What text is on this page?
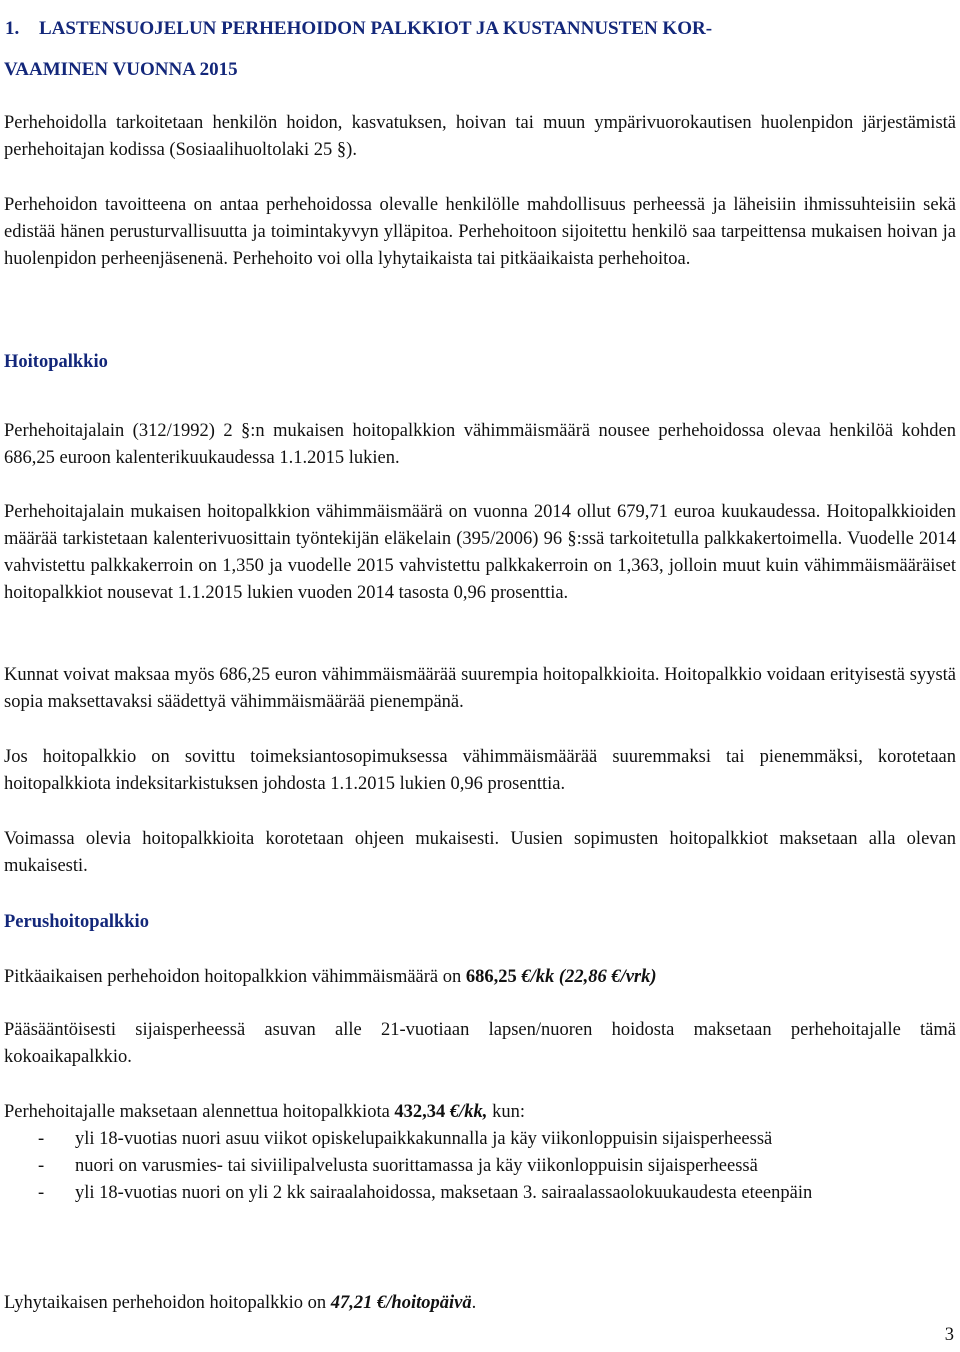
1. LASTENSUOJELUN PERHEHOIDON PALKKIOT JA KUSTANNUSTEN KOR-
VAAMINEN VUONNA 2015

Perhehoidolla tarkoitetaan henkilön hoidon, kasvatuksen, hoivan tai muun ympärivuorokautisen huolenpidon järjestämistä perhehoitajan kodissa (Sosiaalihuoltolaki 25 §).

Perhehoidon tavoitteena on antaa perhehoidossa olevalle henkilölle mahdollisuus perheessä ja läheisiin ihmissuhteisiin sekä edistää hänen perusturvallisuutta ja toimintakyvyn ylläpitoa. Perhehoitoon sijoitettu henkilö saa tarpeittensa mukaisen hoivan ja huolenpidon perheenjäsenenä. Perhehoito voi olla lyhytaikaista tai pitkäaikaista perhehoitoa.

Hoitopalkkio

Perhehoitajalain (312/1992) 2 §:n mukaisen hoitopalkkion vähimmäismäärä nousee perhehoidossa olevaa henkilöä kohden 686,25 euroon kalenterikuukaudessa 1.1.2015 lukien.

Perhehoitajalain mukaisen hoitopalkkion vähimmäismäärä on vuonna 2014 ollut 679,71 euroa kuukaudessa. Hoitopalkkioiden määrää tarkistetaan kalenterivuosittain työntekijän eläkelain (395/2006) 96 §:ssä tarkoitetulla palkkakertoimella. Vuodelle 2014 vahvistettu palkkakerroin on 1,350 ja vuodelle 2015 vahvistettu palkkakerroin on 1,363, jolloin muut kuin vähimmäismääräiset hoitopalkkiot nousevat 1.1.2015 lukien vuoden 2014 tasosta 0,96 prosenttia.

Kunnat voivat maksaa myös 686,25 euron vähimmäismäärää suurempia hoitopalkkioita. Hoitopalkkio voidaan erityisestä syystä sopia maksettavaksi säädettyä vähimmäismäärää pienempänä.

Jos hoitopalkkio on sovittu toimeksiantosopimuksessa vähimmäismäärää suuremmaksi tai pienemmäksi, korotetaan hoitopalkkiota indeksitarkistuksen johdosta 1.1.2015 lukien 0,96 prosenttia.

Voimassa olevia hoitopalkkioita korotetaan ohjeen mukaisesti. Uusien sopimusten hoitopalkkiot maksetaan alla olevan mukaisesti.

Perushoitopalkkio

Pitkäaikaisen perhehoidon hoitopalkkion vähimmäismäärä on 686,25 €/kk (22,86 €/vrk)

Pääsääntöisesti sijaisperheessä asuvan alle 21-vuotiaan lapsen/nuoren hoidosta maksetaan perhehoitajalle tämä kokoaikapalkkio.

Perhehoitajalle maksetaan alennettua hoitopalkkiota 432,34 €/kk, kun:

- yli 18-vuotias nuori asuu viikot opiskelupaikkakunnalla ja käy viikonloppuisin sijaisperheessä
- nuori on varusmies- tai siviilipalvelusta suorittamassa ja käy viikonloppuisin sijaisperheessä
- yli 18-vuotias nuori on yli 2 kk sairaalahoidossa, maksetaan 3. sairaalassaolokuukaudesta eteenpäin

Lyhytaikaisen perhehoidon hoitopalkkio on 47,21 €/hoitopäivä.

3
